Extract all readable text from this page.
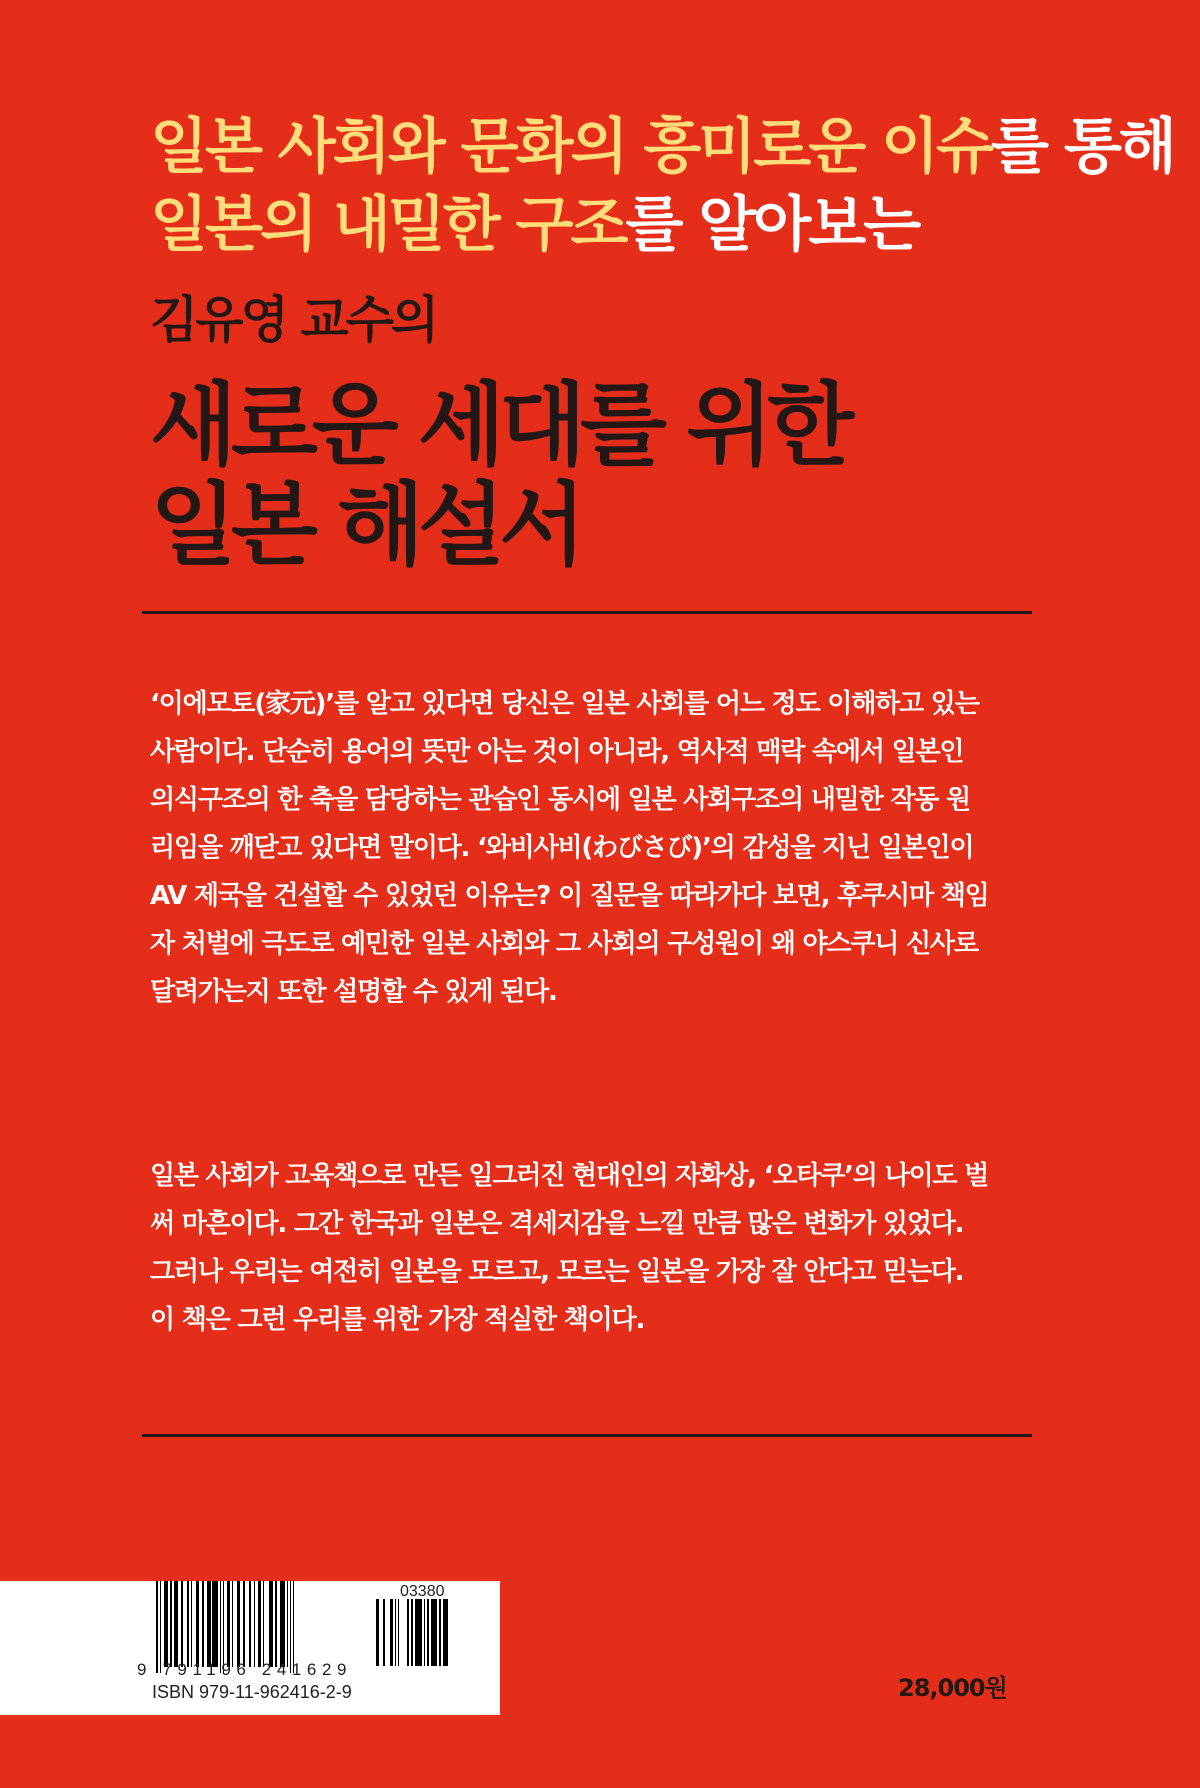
일본 사회와 문화의 흥미로운 이슈를 통해
일본의 내밀한 구조를 알아보는
김유영 교수의
새로운 세대를 위한
일본 해설서
‘이에모토(家元)’를 알고 있다면 당신은 일본 사회를 어느 정도 이해하고 있는
사람이다. 단순히 용어의 뜻만 아는 것이 아니라, 역사적 맥락 속에서 일본인
의식구조의 한 축을 담당하는 관습인 동시에 일본 사회구조의 내밀한 작동 원
리임을 깨닫고 있다면 말이다. ‘와비사비(わびさび)’의 감성을 지닌 일본인이
AV 제국을 건설할 수 있었던 이유는? 이 질문을 따라가다 보면, 후쿠시마 책임
자 처벌에 극도로 예민한 일본 사회와 그 사회의 구성원이 왜 야스쿠니 신사로
달려가는지 또한 설명할 수 있게 된다.
일본 사회가 고육책으로 만든 일그러진 현대인의 자화상, ‘오타쿠’의 나이도 벌
써 마흔이다. 그간 한국과 일본은 격세지감을 느낄 만큼 많은 변화가 있었다.
그러나 우리는 여전히 일본을 모르고, 모르는 일본을 가장 잘 안다고 믿는다.
이 책은 그런 우리를 위한 가장 적실한 책이다.
03380
9 791196 241629
ISBN 979-11-962416-2-9	28,000원
